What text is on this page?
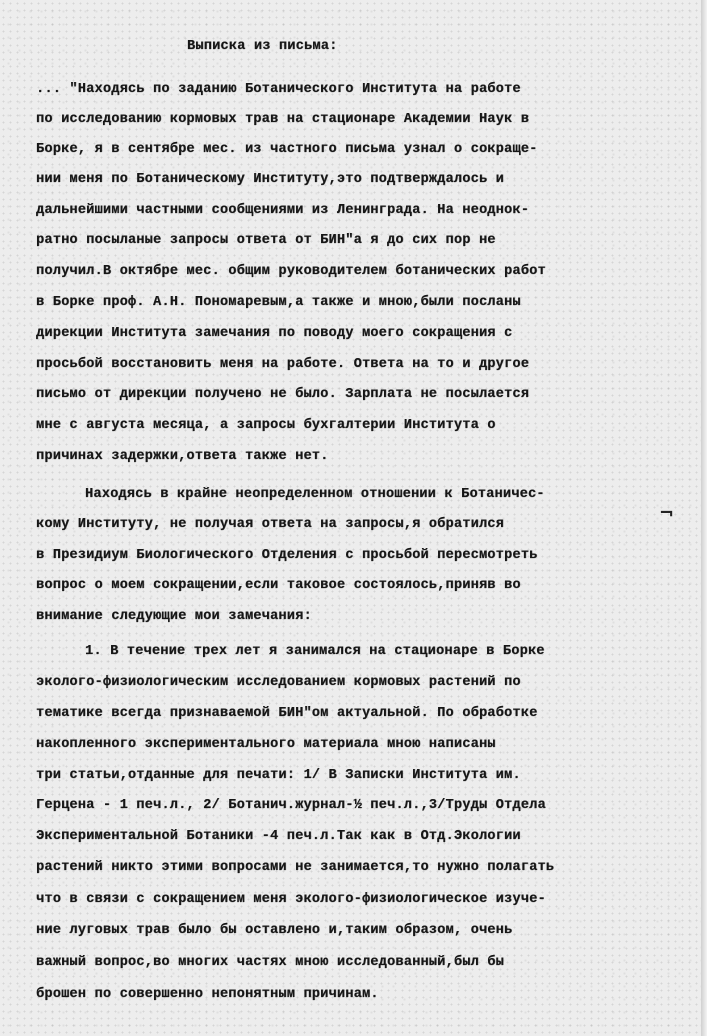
¬

Выписка из письма:

... "Находясь по заданию Ботанического Института на работе

по исследованию кормовых трав на стационаре Академии Наук в

Борке, я в сентябре мес. из частного письма узнал о сокраще-

нии меня по Ботаническому Институту,это подтверждалось и

дальнейшими частными сообщениями из Ленинграда. На неоднок-

ратно посыланые запросы ответа от БИН"а я до сих пор не

получил.В октябре мес. общим руководителем ботанических работ

в Борке проф. А.Н. Пономаревым,а также и мною,были посланы

дирекции Института замечания по поводу моего сокращения с

просьбой восстановить меня на работе. Ответа на то и другое

письмо от дирекции получено не было. Зарплата не посылается

мне с августа месяца, а запросы бухгалтерии Института о

причинах задержки,ответа также нет.

Находясь в крайне неопределенном отношении к Ботаничес-

кому Институту, не получая ответа на запросы,я обратился

в Президиум Биологического Отделения с просьбой пересмотреть

вопрос о моем сокращении,если таковое состоялось,приняв во

внимание следующие мои замечания:

1. В течение трех лет я занимался на стационаре в Борке

эколого-физиологическим исследованием кормовых растений по

тематике всегда признаваемой БИН"ом актуальной. По обработке

накопленного экспериментального материала мною написаны

три статьи,отданные для печати: 1/ В Записки Института им.

Герцена - 1 печ.л., 2/ Ботанич.журнал-½ печ.л.,3/Труды Отдела

Экспериментальной Ботаники -4 печ.л.Так как в Отд.Экологии

растений никто этими вопросами не занимается,то нужно полагать

что в связи с сокращением меня эколого-физиологическое изуче-

ние луговых трав было бы оставлено и,таким образом, очень

важный вопрос,во многих частях мною исследованный,был бы

брошен по совершенно непонятным причинам.
